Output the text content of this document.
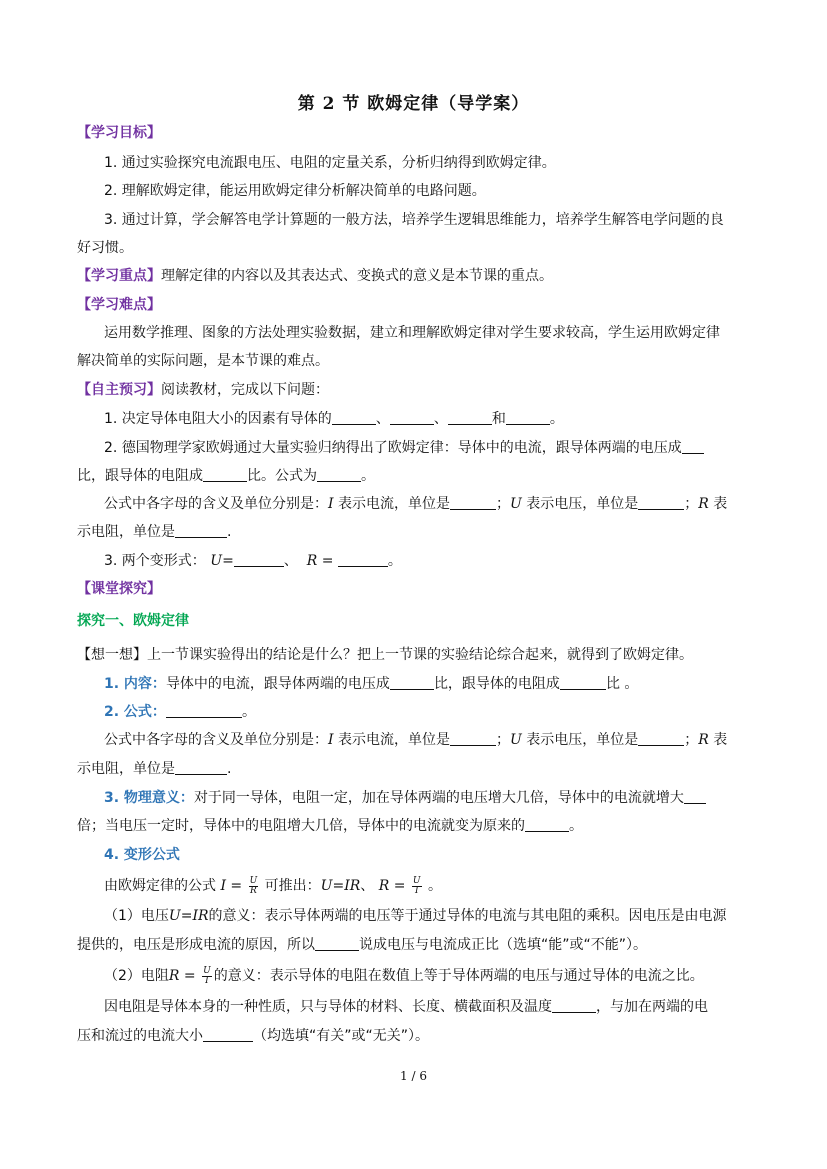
第 2 节 欧姆定律（导学案）
【学习目标】
1. 通过实验探究电流跟电压、电阻的定量关系，分析归纳得到欧姆定律。
2. 理解欧姆定律，能运用欧姆定律分析解决简单的电路问题。
3. 通过计算，学会解答电学计算题的一般方法，培养学生逻辑思维能力，培养学生解答电学问题的良
好习惯。
【学习重点】理解定律的内容以及其表达式、变换式的意义是本节课的重点。
【学习难点】
运用数学推理、图象的方法处理实验数据，建立和理解欧姆定律对学生要求较高，学生运用欧姆定律
解决简单的实际问题，是本节课的难点。
【自主预习】阅读教材，完成以下问题：
1. 决定导体电阻大小的因素有导体的	、	、	和	。
2. 德国物理学家欧姆通过大量实验归纳得出了欧姆定律：导体中的电流，跟导体两端的电压成
比，跟导体的电阻成	比。公式为	。
公式中各字母的含义及单位分别是：I 表示电流，单位是	；U 表示电压，单位是	；R 表
示电阻，单位是	.
3. 两个变形式： U=	、 R =	。
【课堂探究】
探究一、欧姆定律
【想一想】上一节课实验得出的结论是什么？把上一节课的实验结论综合起来，就得到了欧姆定律。
1. 内容：导体中的电流，跟导体两端的电压成	比，跟导体的电阻成	比 。
2. 公式：	。
公式中各字母的含义及单位分别是：I 表示电流，单位是	；U 表示电压，单位是	；R 表
示电阻，单位是	.
3. 物理意义：对于同一导体，电阻一定，加在导体两端的电压增大几倍，导体中的电流就增大
倍；当电压一定时，导体中的电阻增大几倍，导体中的电流就变为原来的	。
4. 变形公式
由欧姆定律的公式 $I = \frac{U}{R}$ 可推出：U=IR、 $R = \frac{U}{I}$ 。
（1）电压U=IR的意义：表示导体两端的电压等于通过导体的电流与其电阻的乘积。因电压是由电源
提供的，电压是形成电流的原因，所以	说成电压与电流成正比（选填“能”或“不能”）。
（2）电阻$R = \frac{U}{I}$ 的意义：表示导体的电阻在数值上等于导体两端的电压与通过导体的电流之比。
因电阻是导体本身的一种性质，只与导体的材料、长度、横截面积及温度	，与加在两端的电
压和流过的电流大小	（均选填“有关”或“无关”）。
1 / 6
